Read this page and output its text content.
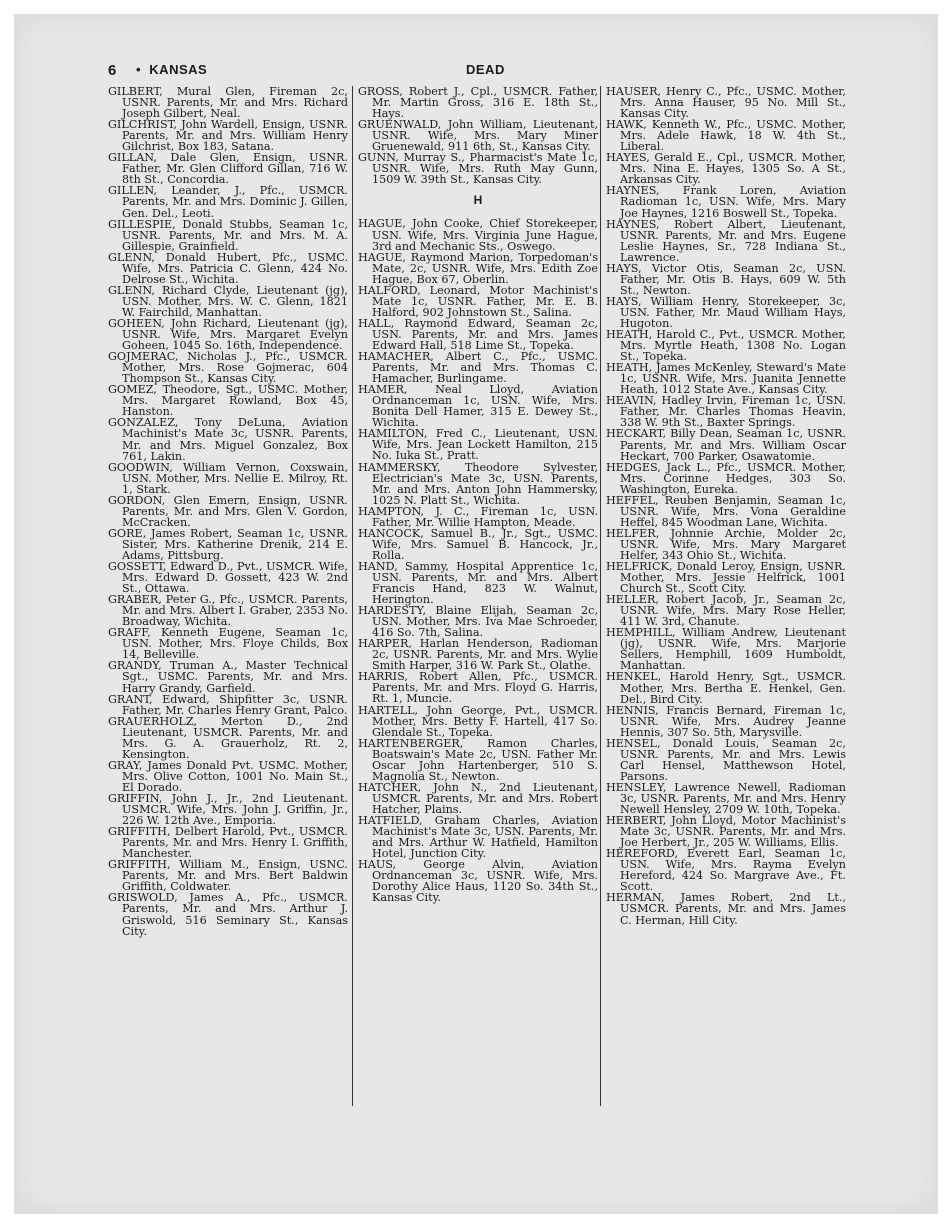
6 • KANSAS	DEAD

GILBERT, Mural Glen, Fireman 2c, USNR. Parents, Mr. and Mrs. Richard Joseph Gilbert, Neal.

GILCHRIST, John Wardell, Ensign, USNR. Parents, Mr. and Mrs. William Henry Gilchrist, Box 183, Satana.

GILLAN, Dale Glen, Ensign, USNR. Father, Mr. Glen Clifford Gillan, 716 W. 8th St., Concordia.

GILLEN, Leander, J., Pfc., USMCR. Parents, Mr. and Mrs. Dominic J. Gillen, Gen. Del., Leoti.

GILLESPIE, Donald Stubbs, Seaman 1c, USNR. Parents, Mr. and Mrs. M. A. Gillespie, Grainfield.

GLENN, Donald Hubert, Pfc., USMC. Wife, Mrs. Patricia C. Glenn, 424 No. Delrose St., Wichita.

GLENN, Richard Clyde, Lieutenant (jg), USN. Mother, Mrs. W. C. Glenn, 1821 W. Fairchild, Manhattan.

GOHEEN, John Richard, Lieutenant (jg), USNR. Wife, Mrs. Margaret Evelyn Goheen, 1045 So. 16th, Independence.

GOJMERAC, Nicholas J., Pfc., USMCR. Mother, Mrs. Rose Gojmerac, 604 Thompson St., Kansas City.

GOMEZ, Theodore, Sgt., USMC. Mother, Mrs. Margaret Rowland, Box 45, Hanston.

GONZALEZ, Tony DeLuna, Aviation Machinist's Mate 3c, USNR. Parents, Mr. and Mrs. Miguel Gonzalez, Box 761, Lakin.

GOODWIN, William Vernon, Coxswain, USN. Mother, Mrs. Nellie E. Milroy, Rt. 1, Stark.

GORDON, Glen Emern, Ensign, USNR. Parents, Mr. and Mrs. Glen V. Gordon, McCracken.

GORE, James Robert, Seaman 1c, USNR. Sister, Mrs. Katherine Drenik, 214 E. Adams, Pittsburg.

GOSSETT, Edward D., Pvt., USMCR. Wife, Mrs. Edward D. Gossett, 423 W. 2nd St., Ottawa.

GRABER, Peter G., Pfc., USMCR. Parents, Mr. and Mrs. Albert I. Graber, 2353 No. Broadway, Wichita.

GRAFF, Kenneth Eugene, Seaman 1c, USN. Mother, Mrs. Floye Childs, Box 14, Belleville.

GRANDY, Truman A., Master Technical Sgt., USMC. Parents, Mr. and Mrs. Harry Grandy, Garfield.

GRANT, Edward, Shipfitter 3c, USNR. Father, Mr. Charles Henry Grant, Palco.

GRAUERHOLZ, Merton D., 2nd Lieutenant, USMCR. Parents, Mr. and Mrs. G. A. Grauerholz, Rt. 2, Kensington.

GRAY, James Donald Pvt. USMC. Mother, Mrs. Olive Cotton, 1001 No. Main St., El Dorado.

GRIFFIN, John J., Jr., 2nd Lieutenant. USMCR. Wife, Mrs. John J. Griffin, Jr., 226 W. 12th Ave., Emporia.

GRIFFITH, Delbert Harold, Pvt., USMCR. Parents, Mr. and Mrs. Henry I. Griffith, Manchester.

GRIFFITH, William M., Ensign, USNC. Parents, Mr. and Mrs. Bert Baldwin Griffith, Coldwater.

GRISWOLD, James A., Pfc., USMCR. Parents, Mr. and Mrs. Arthur J. Griswold, 516 Seminary St., Kansas City.

GROSS, Robert J., Cpl., USMCR. Father, Mr. Martin Gross, 316 E. 18th St., Hays.

GRUENWALD, John William, Lieutenant, USNR. Wife, Mrs. Mary Miner Gruenewald, 911 6th, St., Kansas City.

GUNN, Murray S., Pharmacist's Mate 1c, USNR. Wife, Mrs. Ruth May Gunn, 1509 W. 39th St., Kansas City.

H

HAGUE, John Cooke, Chief Storekeeper, USN. Wife, Mrs. Virginia June Hague, 3rd and Mechanic Sts., Oswego.

HAGUE, Raymond Marion, Torpedoman's Mate, 2c, USNR. Wife, Mrs. Edith Zoe Hague, Box 67, Oberlin.

HALFORD, Leonard, Motor Machinist's Mate 1c, USNR. Father, Mr. E. B. Halford, 902 Johnstown St., Salina.

HALL, Raymond Edward, Seaman 2c, USN. Parents, Mr. and Mrs. James Edward Hall, 518 Lime St., Topeka.

HAMACHER, Albert C., Pfc., USMC. Parents, Mr. and Mrs. Thomas C. Hamacher, Burlingame.

HAMER, Neal Lloyd, Aviation Ordnanceman 1c, USN. Wife, Mrs. Bonita Dell Hamer, 315 E. Dewey St., Wichita.

HAMILTON, Fred C., Lieutenant, USN. Wife, Mrs. Jean Lockett Hamilton, 215 No. Iuka St., Pratt.

HAMMERSKY, Theodore Sylvester, Electrician's Mate 3c, USN. Parents, Mr. and Mrs. Anton John Hammersky, 1025 N. Platt St., Wichita.

HAMPTON, J. C., Fireman 1c, USN. Father, Mr. Willie Hampton, Meade.

HANCOCK, Samuel B., Jr., Sgt., USMC. Wife, Mrs. Samuel B. Hancock, Jr., Rolla.

HAND, Sammy, Hospital Apprentice 1c, USN. Parents, Mr. and Mrs. Albert Francis Hand, 823 W. Walnut, Herington.

HARDESTY, Blaine Elijah, Seaman 2c, USN. Mother, Mrs. Iva Mae Schroeder, 416 So. 7th, Salina.

HARPER, Harlan Henderson, Radioman 2c, USNR. Parents, Mr. and Mrs. Wylie Smith Harper, 316 W. Park St., Olathe.

HARRIS, Robert Allen, Pfc., USMCR. Parents, Mr. and Mrs. Floyd G. Harris, Rt. 1, Muncie.

HARTELL, John George, Pvt., USMCR. Mother, Mrs. Betty F. Hartell, 417 So. Glendale St., Topeka.

HARTENBERGER, Ramon Charles, Boatswain's Mate 2c, USN. Father Mr. Oscar John Hartenberger, 510 S. Magnolia St., Newton.

HATCHER, John N., 2nd Lieutenant, USMCR. Parents, Mr. and Mrs. Robert Hatcher, Plains.

HATFIELD, Graham Charles, Aviation Machinist's Mate 3c, USN. Parents, Mr. and Mrs. Arthur W. Hatfield, Hamilton Hotel, Junction City.

HAUS, George Alvin, Aviation Ordnanceman 3c, USNR. Wife, Mrs. Dorothy Alice Haus, 1120 So. 34th St., Kansas City.

HAUSER, Henry C., Pfc., USMC. Mother, Mrs. Anna Hauser, 95 No. Mill St., Kansas City.

HAWK, Kenneth W., Pfc., USMC. Mother, Mrs. Adele Hawk, 18 W. 4th St., Liberal.

HAYES, Gerald E., Cpl., USMCR. Mother, Mrs. Nina E. Hayes, 1305 So. A St., Arkansas City.

HAYNES, Frank Loren, Aviation Radioman 1c, USN. Wife, Mrs. Mary Joe Haynes, 1216 Boswell St., Topeka.

HAYNES, Robert Albert, Lieutenant, USNR. Parents, Mr. and Mrs. Eugene Leslie Haynes, Sr., 728 Indiana St., Lawrence.

HAYS, Victor Otis, Seaman 2c, USN. Father, Mr. Otis B. Hays, 609 W. 5th St., Newton.

HAYS, William Henry, Storekeeper, 3c, USN. Father, Mr. Maud William Hays, Hugoton.

HEATH, Harold C., Pvt., USMCR. Mother, Mrs. Myrtle Heath, 1308 No. Logan St., Topeka.

HEATH, James McKenley, Steward's Mate 1c, USNR. Wife, Mrs. Juanita Jennette Heath, 1012 State Ave., Kansas City.

HEAVIN, Hadley Irvin, Fireman 1c, USN. Father, Mr. Charles Thomas Heavin, 338 W. 9th St., Baxter Springs.

HECKART, Billy Dean, Seaman 1c, USNR. Parents, Mr. and Mrs. William Oscar Heckart, 700 Parker, Osawatomie.

HEDGES, Jack L., Pfc., USMCR. Mother, Mrs. Corinne Hedges, 303 So. Washington, Eureka.

HEFFEL, Reuben Benjamin, Seaman 1c, USNR. Wife, Mrs. Vona Geraldine Heffel, 845 Woodman Lane, Wichita.

HELFER, Johnnie Archie, Molder 2c, USNR. Wife, Mrs. Mary Margaret Helfer, 343 Ohio St., Wichita.

HELFRICK, Donald Leroy, Ensign, USNR. Mother, Mrs. Jessie Helfrick, 1001 Church St., Scott City.

HELLER, Robert Jacob, Jr., Seaman 2c, USNR. Wife, Mrs. Mary Rose Heller, 411 W. 3rd, Chanute.

HEMPHILL, William Andrew, Lieutenant (jg), USNR. Wife, Mrs. Marjorie Sellers, Hemphill, 1609 Humboldt, Manhattan.

HENKEL, Harold Henry, Sgt., USMCR. Mother, Mrs. Bertha E. Henkel, Gen. Del., Bird City.

HENNIS, Francis Bernard, Fireman 1c, USNR. Wife, Mrs. Audrey Jeanne Hennis, 307 So. 5th, Marysville.

HENSEL, Donald Louis, Seaman 2c, USNR. Parents, Mr. and Mrs. Lewis Carl Hensel, Matthewson Hotel, Parsons.

HENSLEY, Lawrence Newell, Radioman 3c, USNR. Parents, Mr. and Mrs. Henry Newell Hensley, 2709 W. 10th, Topeka.

HERBERT, John Lloyd, Motor Machinist's Mate 3c, USNR. Parents, Mr. and Mrs. Joe Herbert, Jr., 205 W. Williams, Ellis.

HEREFORD, Everett Earl, Seaman 1c, USN. Wife, Mrs. Rayma Evelyn Hereford, 424 So. Margrave Ave., Ft. Scott.

HERMAN, James Robert, 2nd Lt., USMCR. Parents, Mr. and Mrs. James C. Herman, Hill City.
